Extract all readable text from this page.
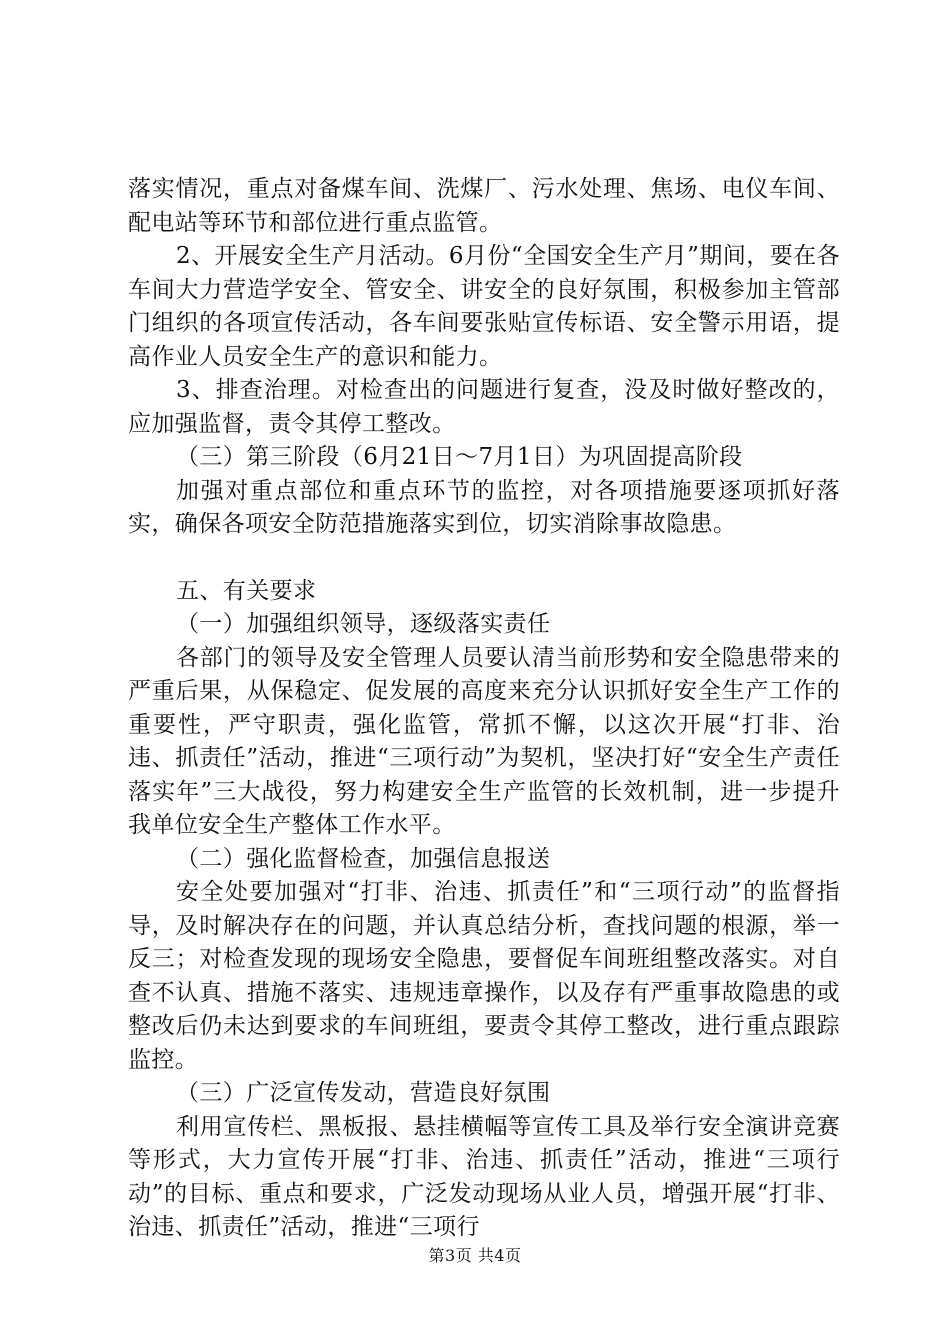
落实情况，重点对备煤车间、洗煤厂、污水处理、焦场、电仪车间、配电站等环节和部位进行重点监管。

2、开展安全生产月活动。6月份“全国安全生产月”期间，要在各车间大力营造学安全、管安全、讲安全的良好氛围，积极参加主管部门组织的各项宣传活动，各车间要张贴宣传标语、安全警示用语，提高作业人员安全生产的意识和能力。

3、排查治理。对检查出的问题进行复查，没及时做好整改的，应加强监督，责令其停工整改。

（三）第三阶段（6月21日～7月1日）为巩固提高阶段

加强对重点部位和重点环节的监控，对各项措施要逐项抓好落实，确保各项安全防范措施落实到位，切实消除事故隐患。

五、有关要求

（一）加强组织领导，逐级落实责任

各部门的领导及安全管理人员要认清当前形势和安全隐患带来的严重后果，从保稳定、促发展的高度来充分认识抓好安全生产工作的重要性，严守职责，强化监管，常抓不懈，以这次开展“打非、治违、抓责任”活动，推进“三项行动”为契机，坚决打好“安全生产责任落实年”三大战役，努力构建安全生产监管的长效机制，进一步提升我单位安全生产整体工作水平。

（二）强化监督检查，加强信息报送

安全处要加强对“打非、治违、抓责任”和“三项行动”的监督指导，及时解决存在的问题，并认真总结分析，查找问题的根源，举一反三；对检查发现的现场安全隐患，要督促车间班组整改落实。对自查不认真、措施不落实、违规违章操作，以及存有严重事故隐患的或整改后仍未达到要求的车间班组，要责令其停工整改，进行重点跟踪监控。

（三）广泛宣传发动，营造良好氛围

利用宣传栏、黑板报、悬挂横幅等宣传工具及举行安全演讲竞赛等形式，大力宣传开展“打非、治违、抓责任”活动，推进“三项行动”的目标、重点和要求，广泛发动现场从业人员，增强开展“打非、治违、抓责任”活动，推进“三项行

第3页 共4页
